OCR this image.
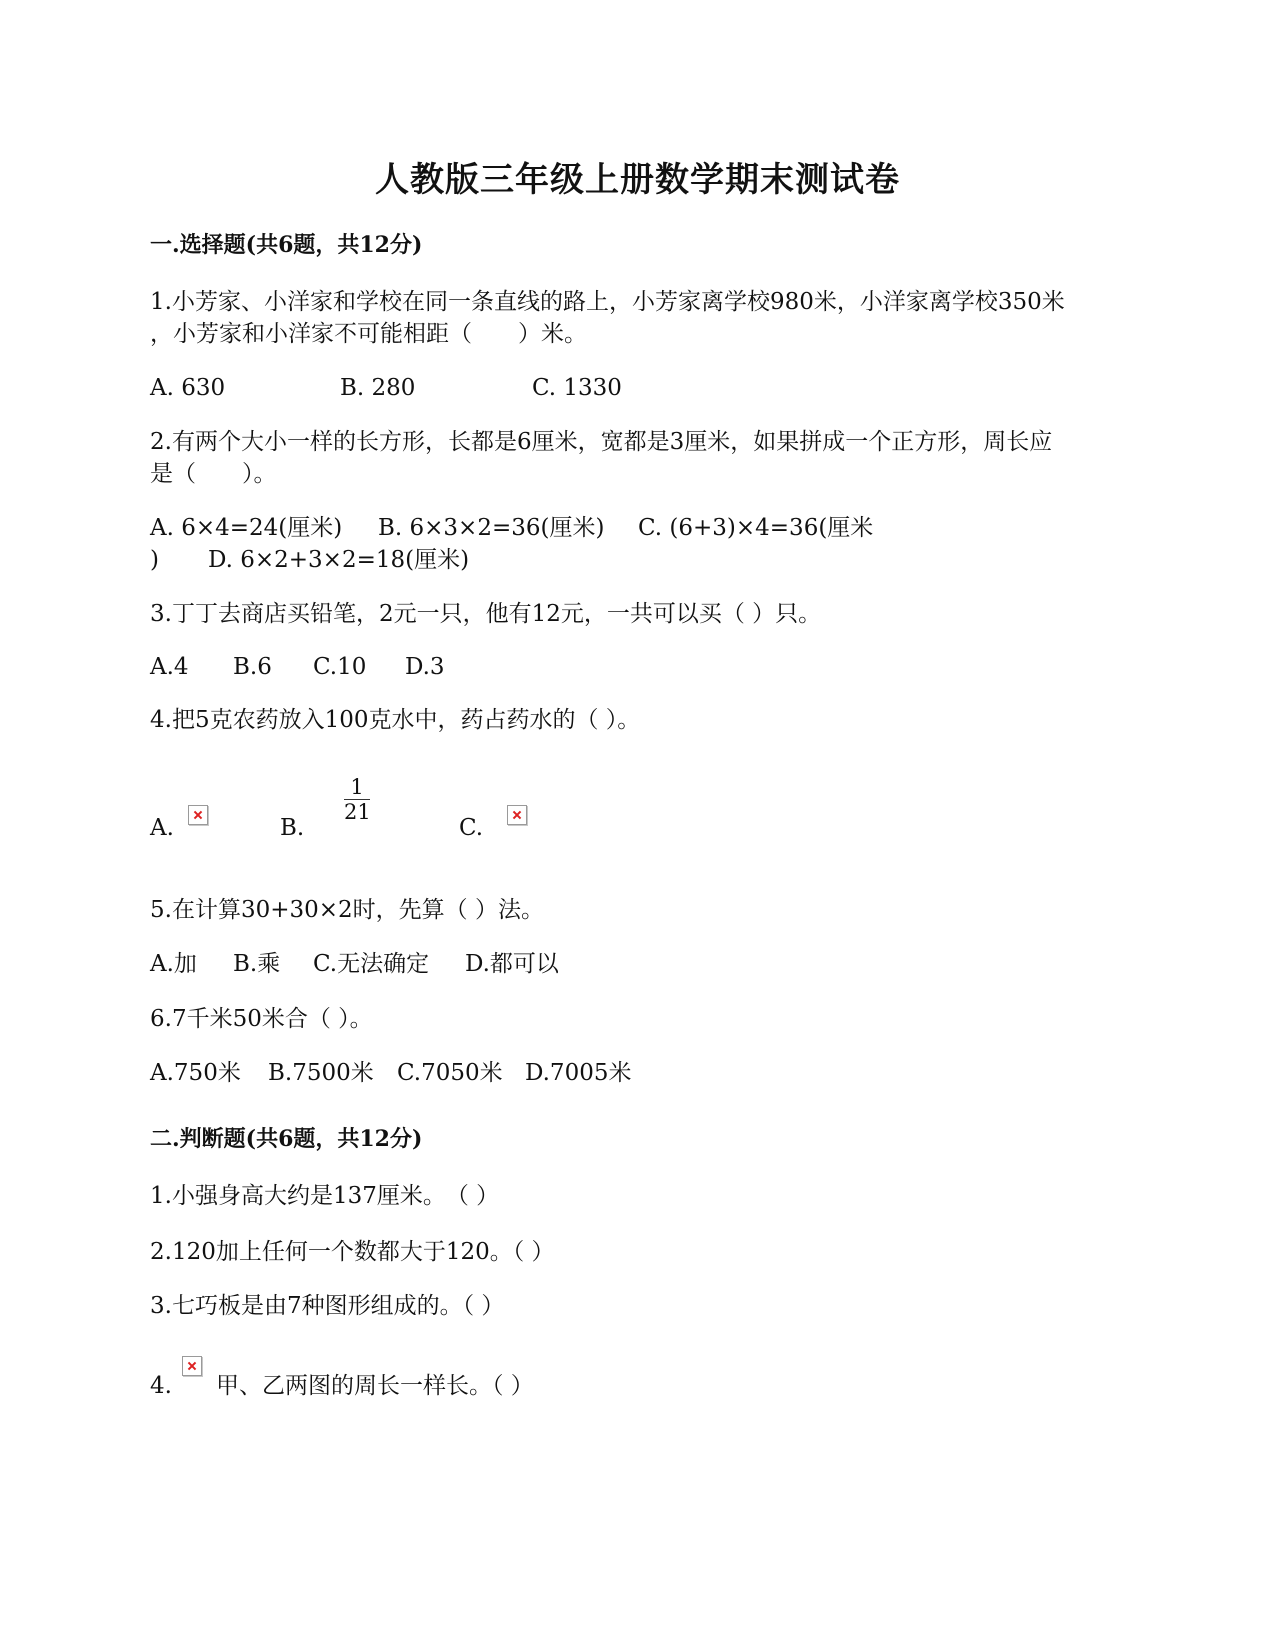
人教版三年级上册数学期末测试卷

一.选择题(共6题，共12分)

1.小芳家、小洋家和学校在同一条直线的路上，小芳家离学校980米，小洋家离学校350米

，小芳家和小洋家不可能相距（　　）米。

A. 630	B. 280	C. 1330

2.有两个大小一样的长方形，长都是6厘米，宽都是3厘米，如果拼成一个正方形，周长应

是（　　）。

A. 6×4=24(厘米) B. 6×3×2=36(厘米) C. (6+3)×4=36(厘米
) D. 6×2+3×2=18(厘米)

3.丁丁去商店买铅笔，2元一只，他有12元，一共可以买（ ）只。

A.4 B.6 C.10 D.3

4.把5克农药放入100克水中，药占药水的（ ）。

A.	B.	C.
1
21

5.在计算30+30×2时，先算（ ）法。

A.加 B.乘 C.无法确定 D.都可以

6.7千米50米合（ ）。

A.750米 B.7500米 C.7050米 D.7005米

二.判断题(共6题，共12分)

1.小强身高大约是137厘米。　（ ）

2.120加上任何一个数都大于120。（ ）

3.七巧板是由7种图形组成的。（ ）

4. 甲、乙两图的周长一样长。（ ）
